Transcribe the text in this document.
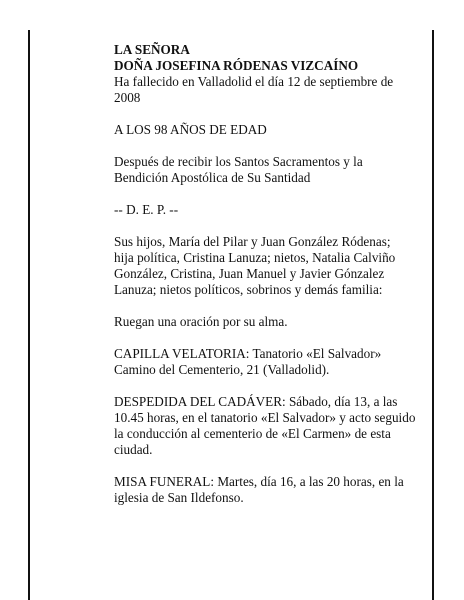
LA SEÑORA

DOÑA JOSEFINA RÓDENAS VIZCAÍNO

Ha fallecido en Valladolid el día 12 de septiembre de

2008

A LOS 98 AÑOS DE EDAD

Después de recibir los Santos Sacramentos y la

Bendición Apostólica de Su Santidad

-- D. E. P. --

Sus hijos, María del Pilar y Juan González Ródenas;

hija política, Cristina Lanuza; nietos, Natalia Calviño

González, Cristina, Juan Manuel y Javier Gónzalez

Lanuza; nietos políticos, sobrinos y demás familia:

Ruegan una oración por su alma.

CAPILLA VELATORIA: Tanatorio «El Salvador»

Camino del Cementerio, 21 (Valladolid).

DESPEDIDA DEL CADÁVER: Sábado, día 13, a las

10.45 horas, en el tanatorio «El Salvador» y acto seguido

la conducción al cementerio de «El Carmen» de esta

ciudad.

MISA FUNERAL: Martes, día 16, a las 20 horas, en la

iglesia de San Ildefonso.
